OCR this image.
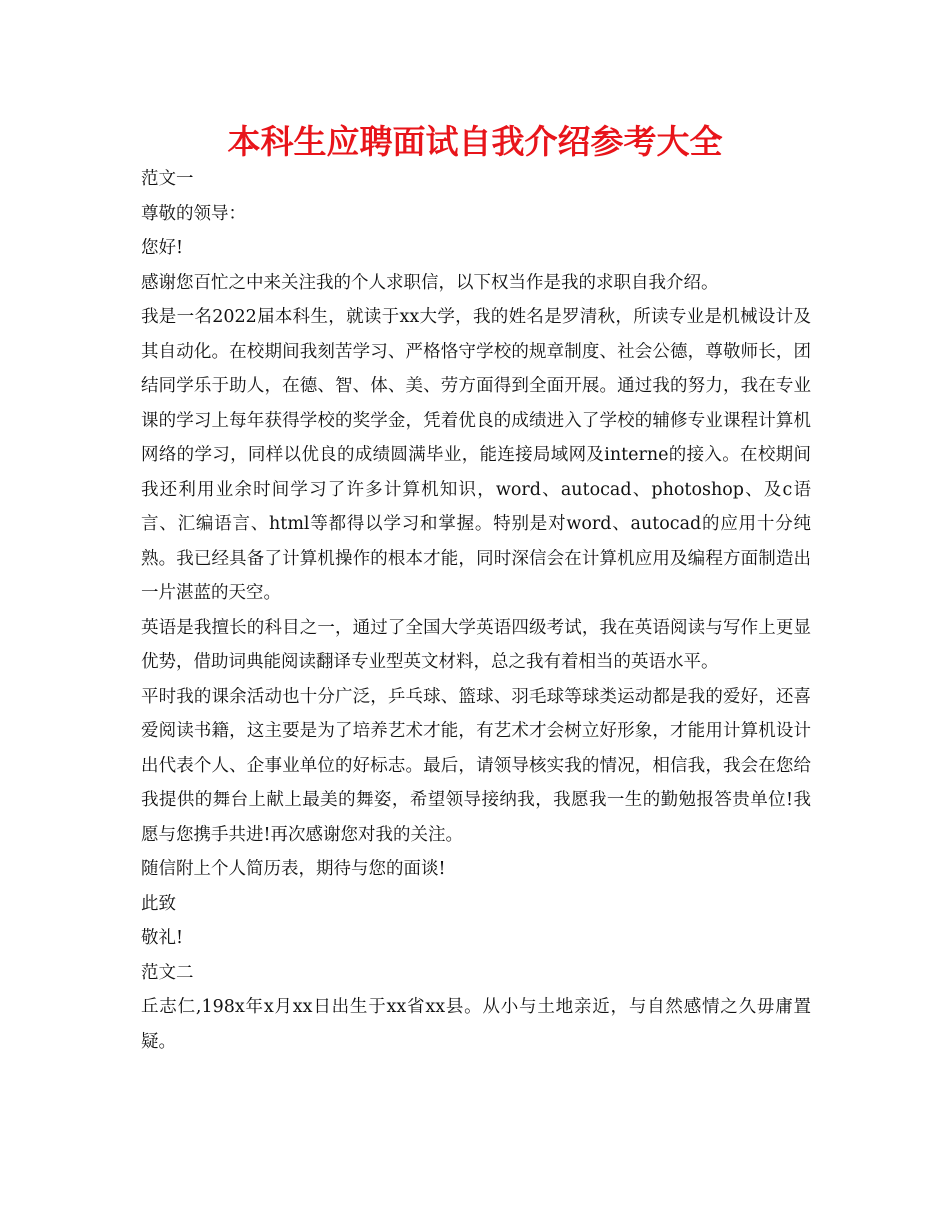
本科生应聘面试自我介绍参考大全

范文一

尊敬的领导：

您好!

感谢您百忙之中来关注我的个人求职信，以下权当作是我的求职自我介绍。

我是一名2022届本科生，就读于xx大学，我的姓名是罗清秋，所读专业是机械设计及其自动化。在校期间我刻苦学习、严格恪守学校的规章制度、社会公德，尊敬师长，团结同学乐于助人，在德、智、体、美、劳方面得到全面开展。通过我的努力，我在专业课的学习上每年获得学校的奖学金，凭着优良的成绩进入了学校的辅修专业课程计算机网络的学习，同样以优良的成绩圆满毕业，能连接局域网及interne的接入。在校期间我还利用业余时间学习了许多计算机知识，word、autocad、photoshop、及c语言、汇编语言、html等都得以学习和掌握。特别是对word、autocad的应用十分纯熟。我已经具备了计算机操作的根本才能，同时深信会在计算机应用及编程方面制造出一片湛蓝的天空。

英语是我擅长的科目之一，通过了全国大学英语四级考试，我在英语阅读与写作上更显优势，借助词典能阅读翻译专业型英文材料，总之我有着相当的英语水平。

平时我的课余活动也十分广泛，乒乓球、篮球、羽毛球等球类运动都是我的爱好，还喜爱阅读书籍，这主要是为了培养艺术才能，有艺术才会树立好形象，才能用计算机设计出代表个人、企事业单位的好标志。最后，请领导核实我的情况，相信我，我会在您给我提供的舞台上献上最美的舞姿，希望领导接纳我，我愿我一生的勤勉报答贵单位!我愿与您携手共进!再次感谢您对我的关注。

随信附上个人简历表，期待与您的面谈!

此致

敬礼!

范文二

丘志仁,198x年x月xx日出生于xx省xx县。从小与土地亲近，与自然感情之久毋庸置疑。
